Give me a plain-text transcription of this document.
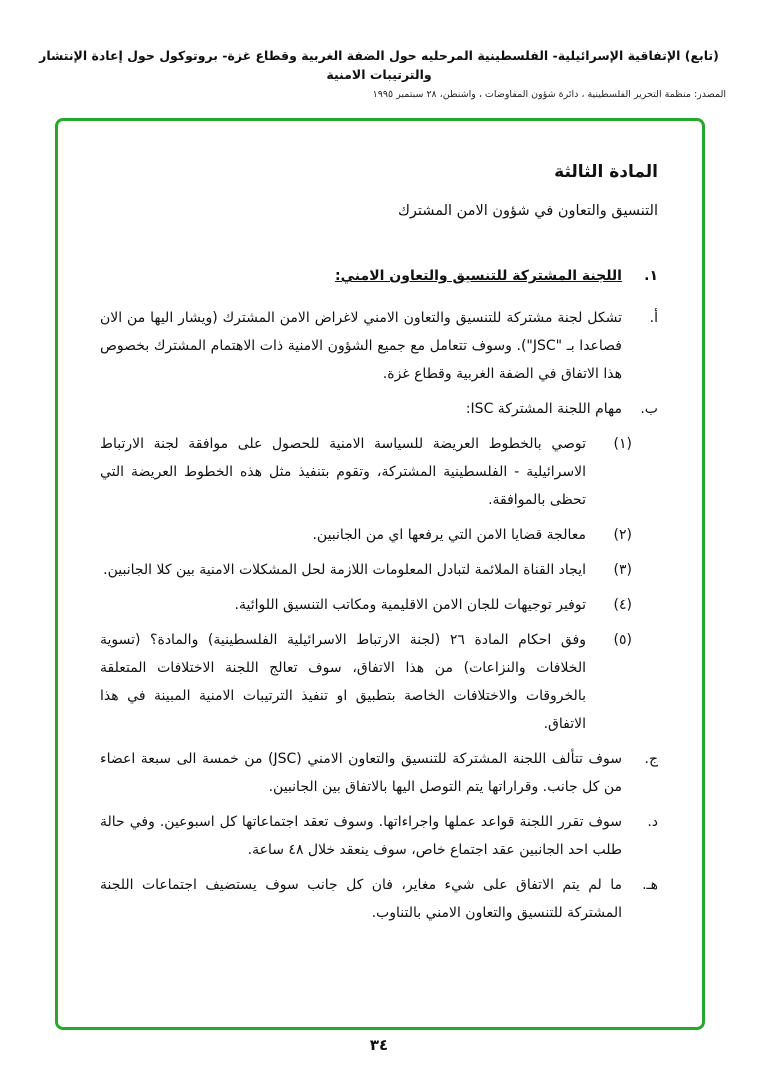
(تابع) الإتفاقية الإسرائيلية- الفلسطينية المرحليه حول الضفة الغربية وقطاع غزة- بروتوكول حول إعادة الإنتشار والترتيبات الامنية
المصدر: منظمة التحرير الفلسطينية ، دائرة شؤون المفاوضات ، واشنطن، ٢٨ سبتمبر ١٩٩٥
المادة الثالثة
التنسيق والتعاون في شؤون الامن المشترك
١.
اللجنة المشتركة للتنسيق والتعاون الامني:
أ.
تشكل لجنة مشتركة للتنسيق والتعاون الامني لاغراض الامن المشترك (ويشار اليها من الان فصاعدا بـ "JSC"). وسوف تتعامل مع جميع الشؤون الامنية ذات الاهتمام المشترك بخصوص هذا الاتفاق في الضفة الغربية وقطاع غزة.
ب.
مهام اللجنة المشتركة ISC:
(١)
توصي بالخطوط العريضة للسياسة الامنية للحصول على موافقة لجنة الارتباط الاسرائيلية - الفلسطينية المشتركة، وتقوم بتنفيذ مثل هذه الخطوط العريضة التي تحظى بالموافقة.
(٢)
معالجة قضايا الامن التي يرفعها اي من الجانبين.
(٣)
ايجاد القناة الملائمة لتبادل المعلومات اللازمة لحل المشكلات الامنية بين كلا الجانبين.
(٤)
توفير توجيهات للجان الامن الاقليمية ومكاتب التنسيق اللوائية.
(٥)
وفق احكام المادة ٢٦ (لجنة الارتباط الاسرائيلية الفلسطينية) والمادة؟ (تسوية الخلافات والنزاعات) من هذا الاتفاق، سوف تعالج اللجنة الاختلافات المتعلقة بالخروقات والاختلافات الخاصة بتطبيق او تنفيذ الترتيبات الامنية المبينة في هذا الاتفاق.
ج.
سوف تتألف اللجنة المشتركة للتنسيق والتعاون الامني (JSC) من خمسة الى سبعة اعضاء من كل جانب. وقراراتها يتم التوصل اليها بالاتفاق بين الجانبين.
د.
سوف تقرر اللجنة قواعد عملها واجراءاتها. وسوف تعقد اجتماعاتها كل اسبوعين. وفي حالة طلب احد الجانبين عقد اجتماع خاص، سوف ينعقد خلال ٤٨ ساعة.
هـ.
ما لم يتم الاتفاق على شيء مغاير، فان كل جانب سوف يستضيف اجتماعات اللجنة المشتركة للتنسيق والتعاون الامني بالتناوب.
٣٤
